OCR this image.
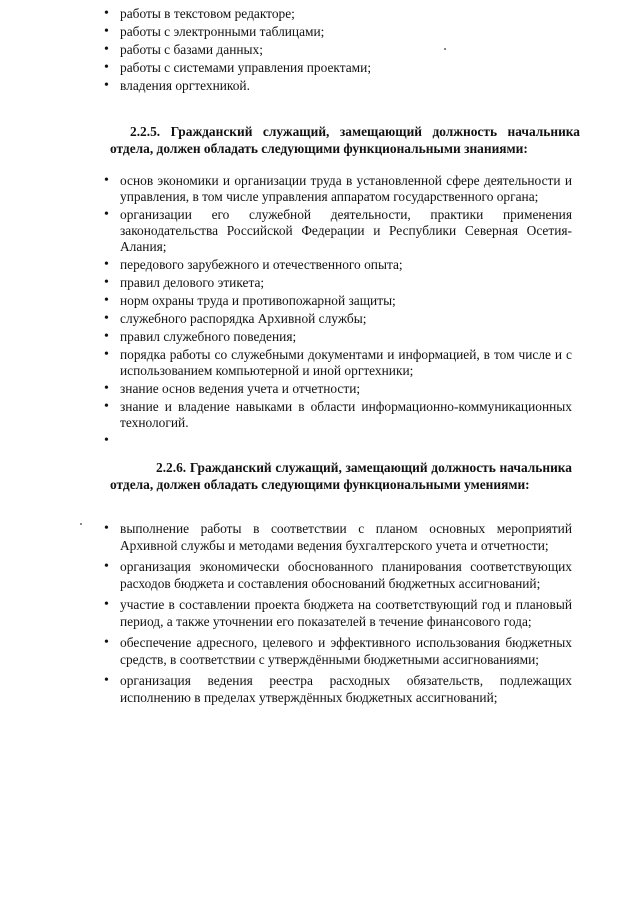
• работы в текстовом редакторе;
• работы с электронными таблицами;
• работы с базами данных;
• работы с системами управления проектами;
• владения оргтехникой.
2.2.5. Гражданский служащий, замещающий должность начальника отдела, должен обладать следующими функциональными знаниями:
• основ экономики и организации труда в установленной сфере деятельности и управления, в том числе управления аппаратом государственного органа;
• организации его служебной деятельности, практики применения законодательства Российской Федерации и Республики Северная Осетия-Алания;
• передового зарубежного и отечественного опыта;
• правил делового этикета;
• норм охраны труда и противопожарной защиты;
• служебного распорядка Архивной службы;
• правил служебного поведения;
• порядка работы со служебными документами и информацией, в том числе и с использованием компьютерной и иной оргтехники;
• знание основ ведения учета и отчетности;
• знание и владение навыками в области информационно-коммуникационных технологий.
•
2.2.6. Гражданский служащий, замещающий должность начальника отдела, должен обладать следующими функциональными умениями:
• выполнение работы в соответствии с планом основных мероприятий Архивной службы и методами ведения бухгалтерского учета и отчетности;
• организация экономически обоснованного планирования соответствующих расходов бюджета и составления обоснований бюджетных ассигнований;
• участие в составлении проекта бюджета на соответствующий год и плановый период, а также уточнении его показателей в течение финансового года;
• обеспечение адресного, целевого и эффективного использования бюджетных средств, в соответствии с утверждёнными бюджетными ассигнованиями;
• организация ведения реестра расходных обязательств, подлежащих исполнению в пределах утверждённых бюджетных ассигнований;
